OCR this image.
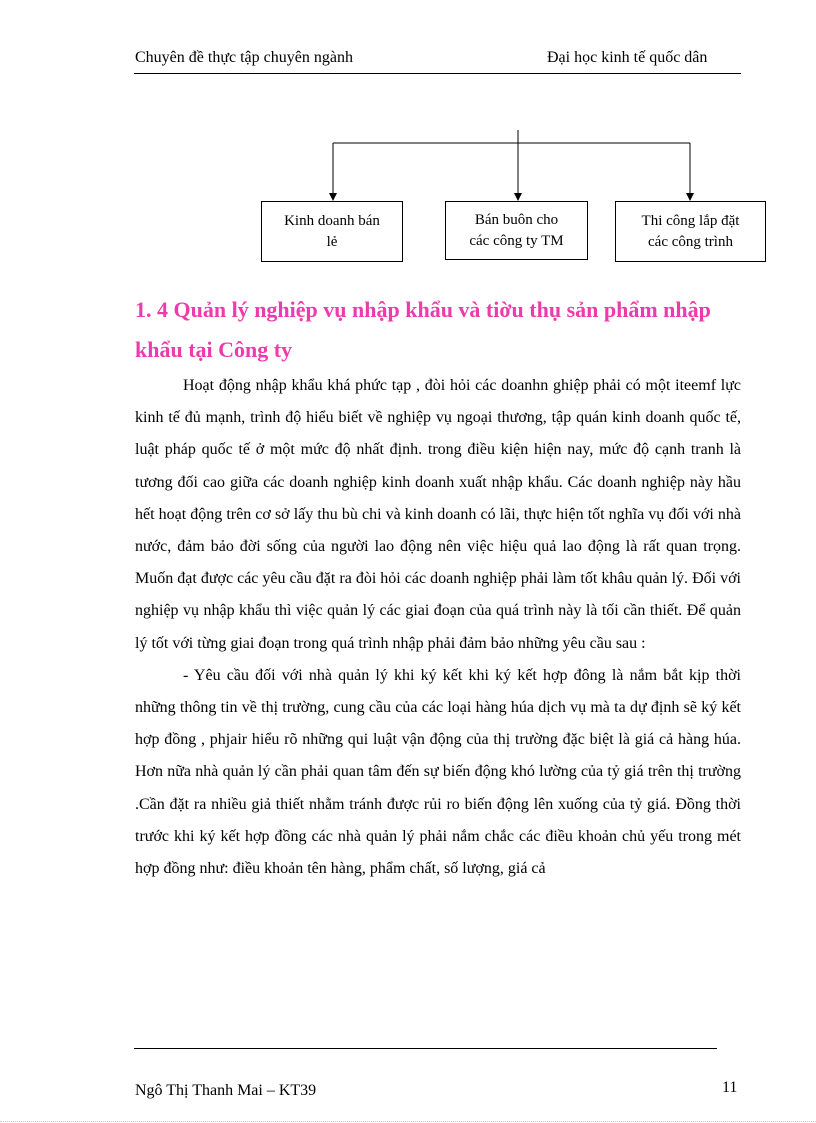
Chuyên đề thực tập chuyên ngành	Đại học kinh tế quốc dân
Kinh doanh bán
lẻ
Bán buôn cho
các công ty TM
Thi công lắp đặt
các công trình
1. 4 Quản lý nghiệp vụ nhập khẩu và tiờu thụ sản phẩm nhập khẩu tại Công ty

Hoạt động nhập khẩu khá phức tạp , đòi hỏi các doanhn ghiệp phải có một iteemf lực kinh tế đủ mạnh, trình độ hiểu biết về nghiệp vụ ngoại thương, tập quán kinh doanh quốc tế, luật pháp quốc tế ở một mức độ nhất định. trong điều kiện hiện nay, mức độ cạnh tranh là tương đối cao giữa các doanh nghiệp kinh doanh xuất nhập khẩu. Các doanh nghiệp này hầu hết hoạt động trên cơ sở lấy thu bù chi và kinh doanh có lãi, thực hiện tốt nghĩa vụ đối với nhà nước, đảm bảo đời sống của người lao động nên việc hiệu quả lao động là rất quan trọng. Muốn đạt được các yêu cầu đặt ra đòi hỏi các doanh nghiệp phải làm tốt khâu quản lý. Đối với nghiệp vụ nhập khẩu thì việc quản lý các giai đoạn của quá trình này là tối cần thiết. Để quản lý tốt với từng giai đoạn trong quá trình nhập phải đảm bảo những yêu cầu sau :

- Yêu cầu đối với nhà quản lý khi ký kết khi ký kết hợp đông là nắm bắt kịp thời những thông tin về thị trường, cung cầu của các loại hàng húa dịch vụ mà ta dự định sẽ ký kết hợp đồng , phjair hiểu rõ những qui luật vận động của thị trường đặc biệt là giá cả hàng húa. Hơn nữa nhà quản lý cần phải quan tâm đến sự biến động khó lường của tỷ giá trên thị trường .Cần đặt ra nhiều giả thiết nhằm tránh được rủi ro biến động lên xuống của tỷ giá. Đồng thời trước khi ký kết hợp đồng các nhà quản lý phải nắm chắc các điều khoản chủ yếu trong mét hợp đồng như: điều khoản tên hàng, phẩm chất, số lượng, giá cả

Ngô Thị Thanh Mai – KT39	11
